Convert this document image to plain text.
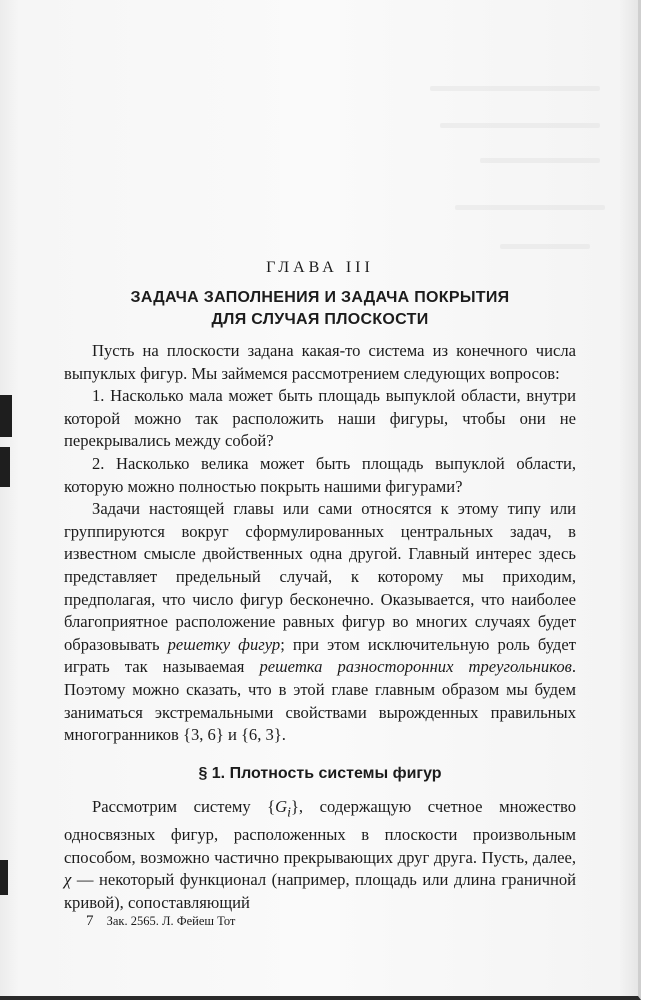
ГЛАВА III
ЗАДАЧА ЗАПОЛНЕНИЯ И ЗАДАЧА ПОКРЫТИЯ
ДЛЯ СЛУЧАЯ ПЛОСКОСТИ

Пусть на плоскости задана какая-то система из конечного числа выпуклых фигур. Мы займемся рассмотрением следующих вопросов:

1. Насколько мала может быть площадь выпуклой области, внутри которой можно так расположить наши фигуры, чтобы они не перекрывались между собой?

2. Насколько велика может быть площадь выпуклой области, которую можно полностью покрыть нашими фигурами?

Задачи настоящей главы или сами относятся к этому типу или группируются вокруг сформулированных центральных задач, в известном смысле двойственных одна другой. Главный интерес здесь представляет предельный случай, к которому мы приходим, предполагая, что число фигур бесконечно. Оказывается, что наиболее благоприятное расположение равных фигур во многих случаях будет образовывать решетку фигур; при этом исключительную роль будет играть так называемая решетка разносторонних треугольников. Поэтому можно сказать, что в этой главе главным образом мы будем заниматься экстремальными свойствами вырожденных правильных многогранников {3, 6} и {6, 3}.

§ 1. Плотность системы фигур

Рассмотрим систему $\{G_i\}$, содержащую счетное множество односвязных фигур, расположенных в плоскости произвольным способом, возможно частично прекрывающих друг друга. Пусть, далее, χ — некоторый функционал (например, площадь или длина граничной кривой), сопоставляющий

7 Зак. 2565. Л. Фейеш Тот
